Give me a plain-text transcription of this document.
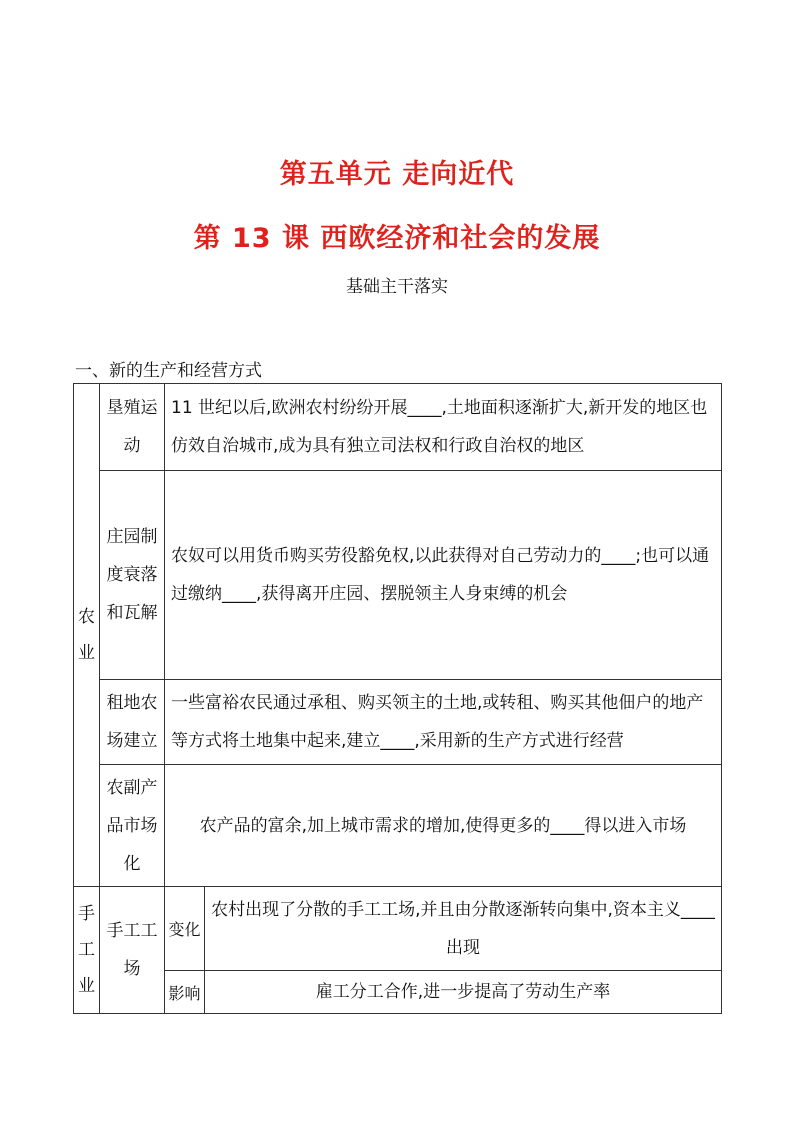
第五单元 走向近代
第 13 课 西欧经济和社会的发展
基础主干落实
一、新的生产和经营方式
农业	垦殖运动	11 世纪以后,欧洲农村纷纷开展____,土地面积逐渐扩大,新开发的地区也仿效自治城市,成为具有独立司法权和行政自治权的地区	
	庄园制度衰落和瓦解	农奴可以用货币购买劳役豁免权,以此获得对自己劳动力的____;也可以通过缴纳____,获得离开庄园、摆脱领主人身束缚的机会	
	租地农场建立	一些富裕农民通过承租、购买领主的土地,或转租、购买其他佃户的地产等方式将土地集中起来,建立____,采用新的生产方式进行经营	
	农副产品市场化	农产品的富余,加上城市需求的增加,使得更多的____得以进入市场	
手工业	手工工场	变化	农村出现了分散的手工工场,并且由分散逐渐转向集中,资本主义____出现
		影响	雇工分工合作,进一步提高了劳动生产率
